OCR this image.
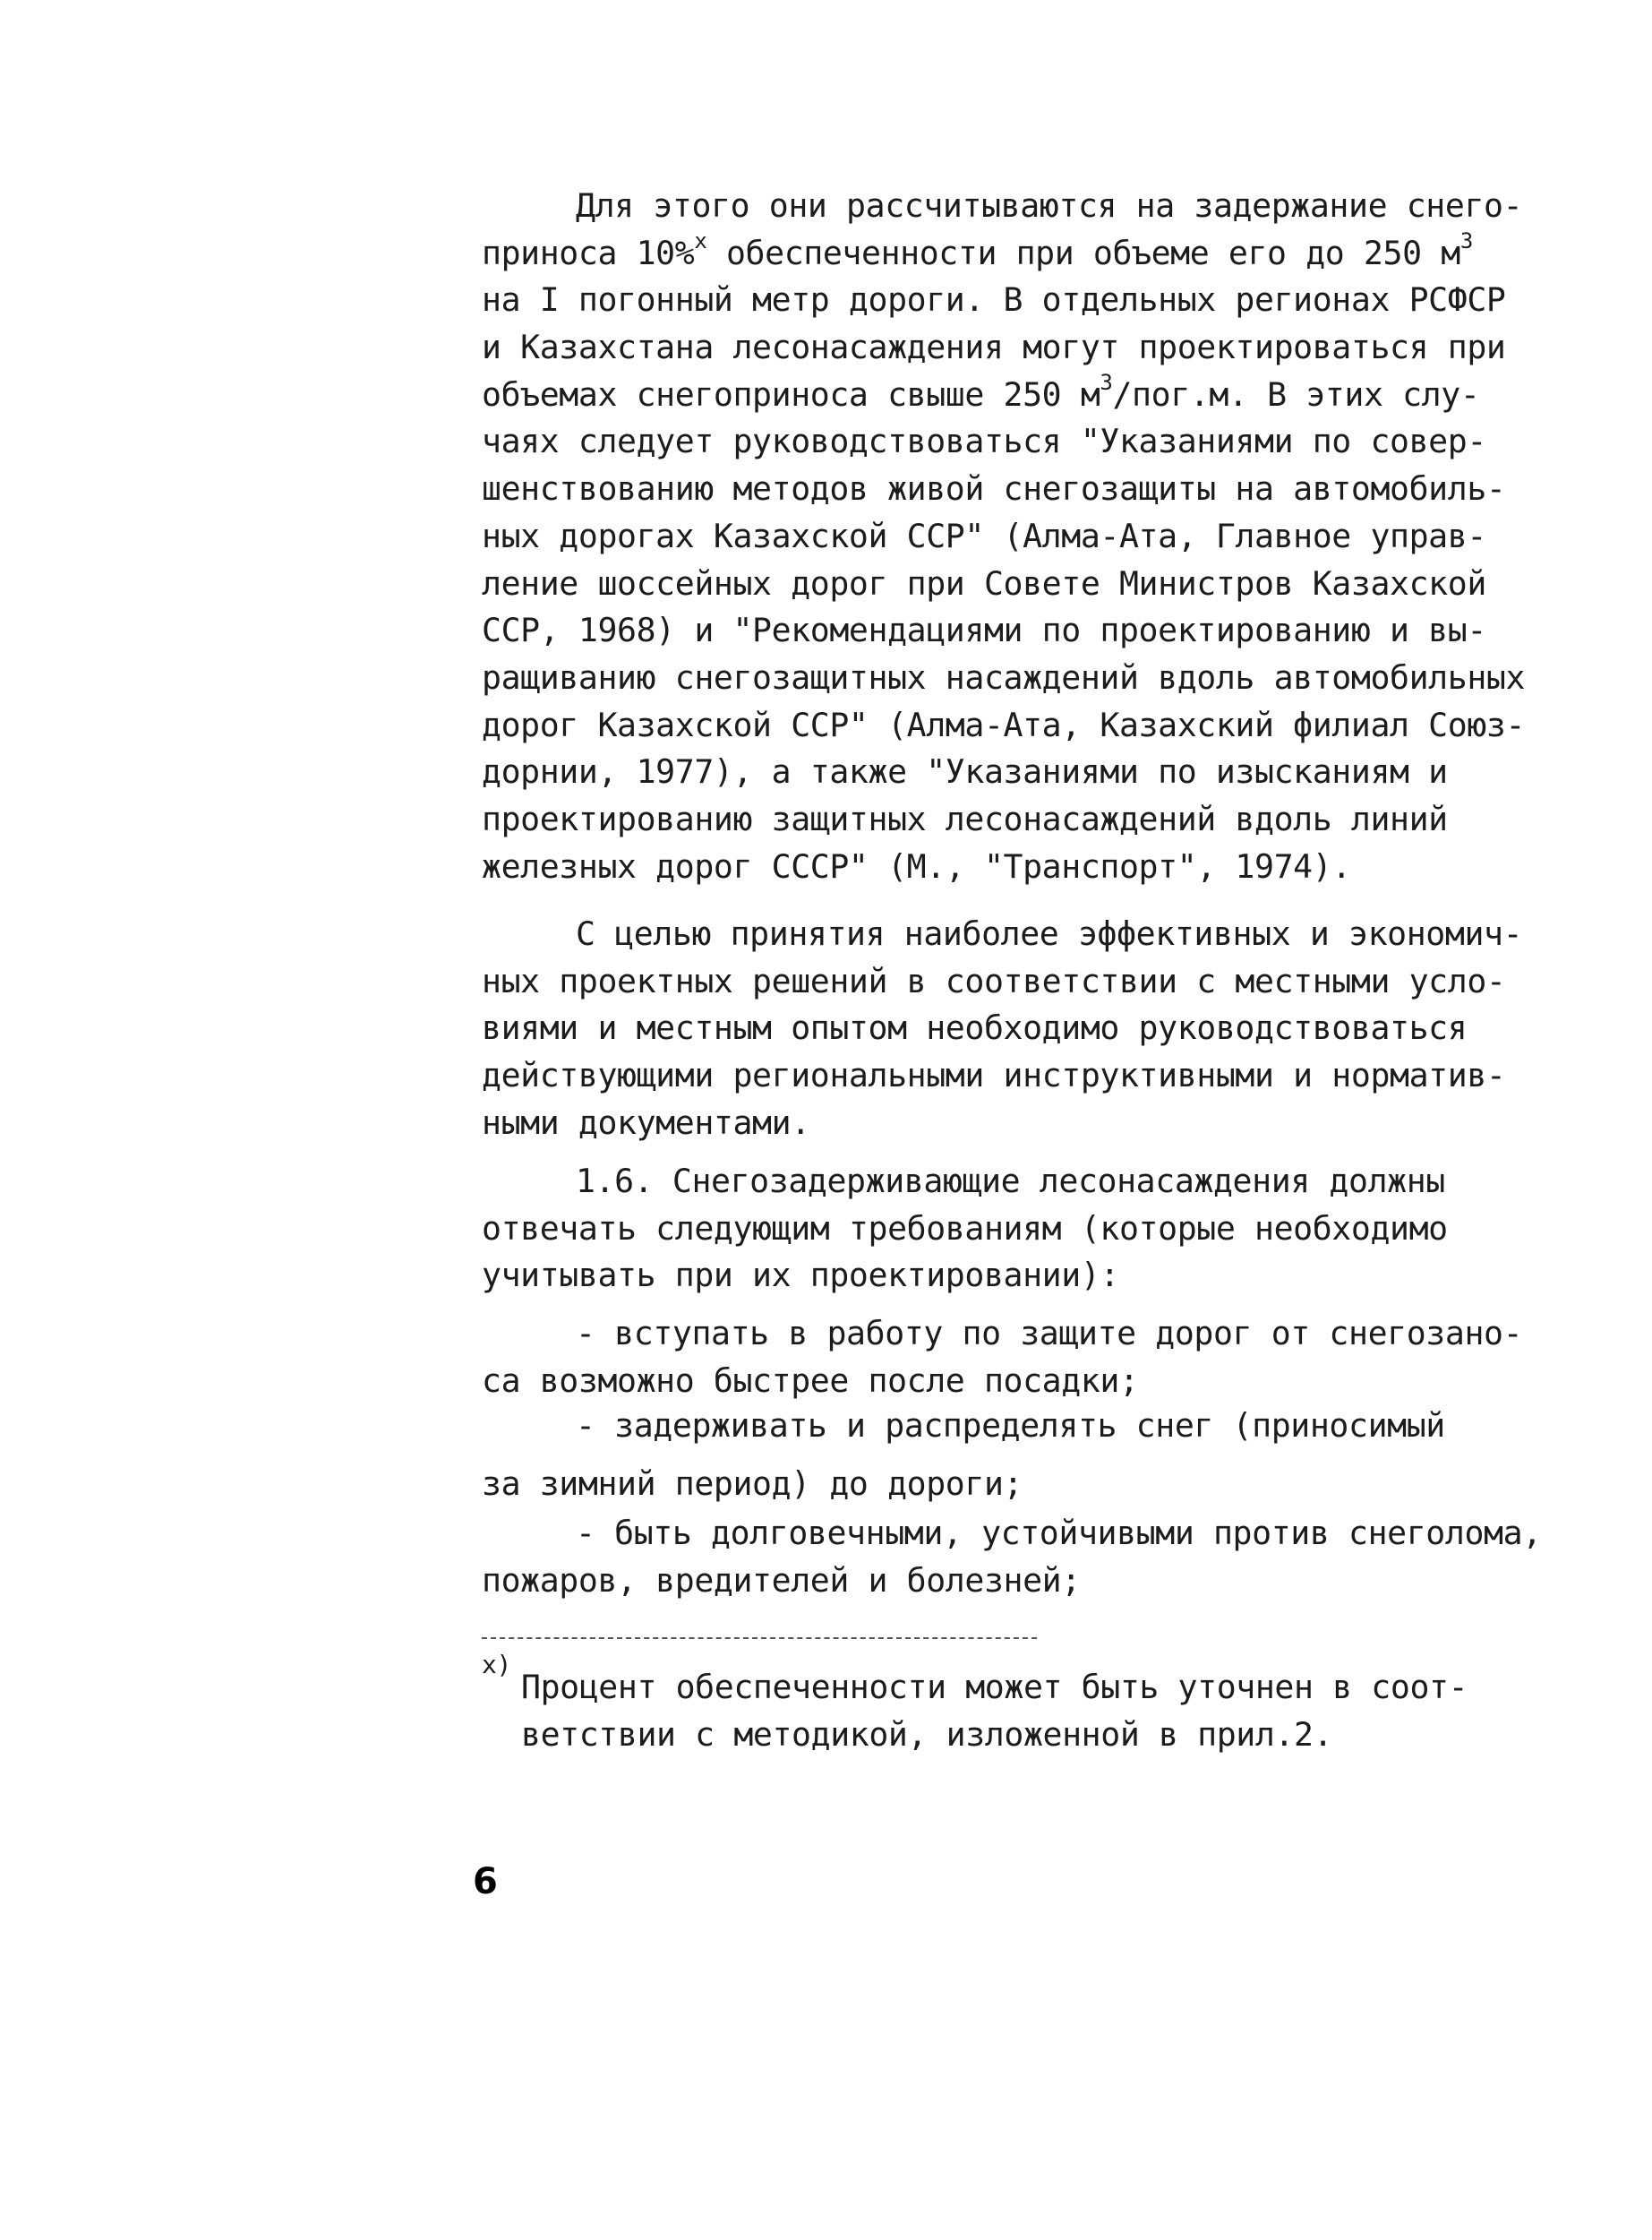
Для этого они рассчитываются на задержание снего-
приноса 10%$^x$ обеспеченности при объеме его до 250 $м^3$
на I погонный метр дороги. В отдельных регионах РСФСР
и Казахстана лесонасаждения могут проектироваться при
объемах снегоприноса свыше 250 $м^3/пог.м$. В этих слу-
чаях следует руководствоваться "Указаниями по совер-
шенствованию методов живой снегозащиты на автомобиль-
ных дорогах Казахской ССР" (Алма-Ата, Главное управ-
ление шоссейных дорог при Совете Министров Казахской
ССР, 1968) и "Рекомендациями по проектированию и вы-
ращиванию снегозащитных насаждений вдоль автомобильных
дорог Казахской ССР" (Алма-Ата, Казахский филиал Союз-
дорнии, 1977), а также "Указаниями по изысканиям и
проектированию защитных лесонасаждений вдоль линий
железных дорог СССР" (М., "Транспорт", 1974).
С целью принятия наиболее эффективных и экономич-
ных проектных решений в соответствии с местными усло-
виями и местным опытом необходимо руководствоваться
действующими региональными инструктивными и норматив-
ными документами.
1.6. Снегозадерживающие лесонасаждения должны
отвечать следующим требованиям (которые необходимо
учитывать при их проектировании):
- вступать в работу по защите дорог от снегозано-
са возможно быстрее после посадки;
- задерживать и распределять снег (приносимый
за зимний период) до дороги;
- быть долговечными, устойчивыми против снеголома,
пожаров, вредителей и болезней;
x)
Процент обеспеченности может быть уточнен в соот-
ветствии с методикой, изложенной в прил.2.
6
